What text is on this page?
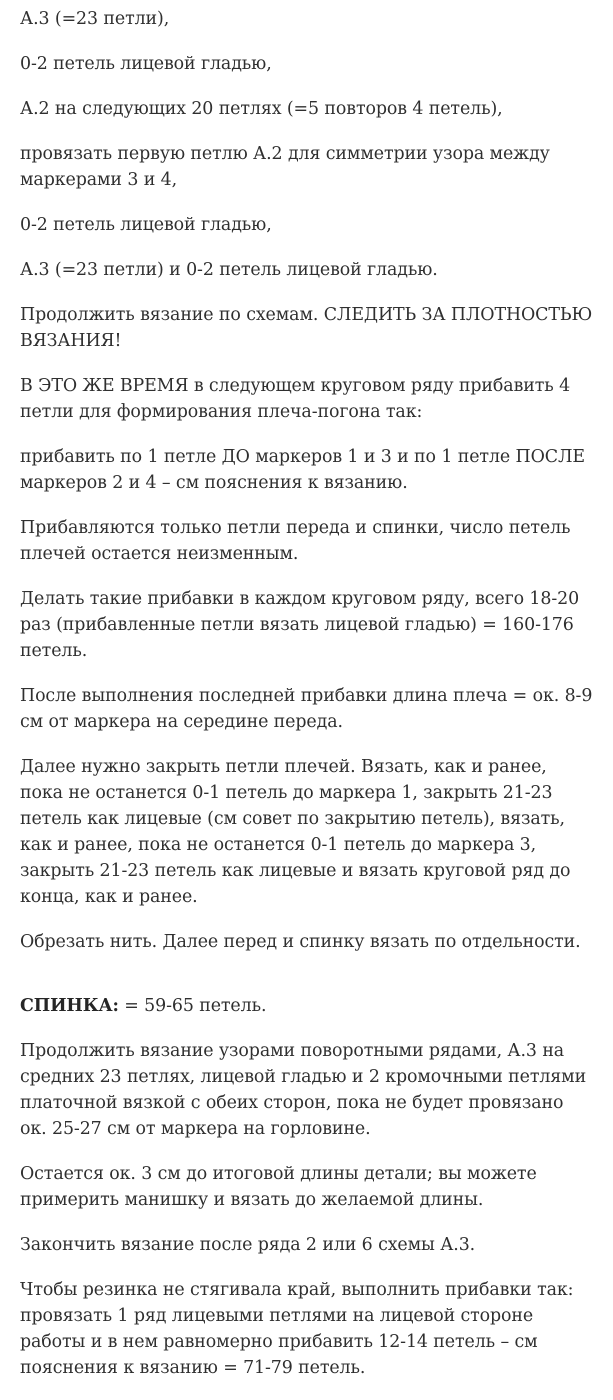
А.3 (=23 петли),

0-2 петель лицевой гладью,

А.2 на следующих 20 петлях (=5 повторов 4 петель),

провязать первую петлю А.2 для симметрии узора между маркерами 3 и 4,

0-2 петель лицевой гладью,

А.3 (=23 петли) и 0-2 петель лицевой гладью.

Продолжить вязание по схемам. СЛЕДИТЬ ЗА ПЛОТНОСТЬЮ ВЯЗАНИЯ!

В ЭТО ЖЕ ВРЕМЯ в следующем круговом ряду прибавить 4 петли для формирования плеча-погона так:

прибавить по 1 петле ДО маркеров 1 и 3 и по 1 петле ПОСЛЕ маркеров 2 и 4 – см пояснения к вязанию.

Прибавляются только петли переда и спинки, число петель плечей остается неизменным.

Делать такие прибавки в каждом круговом ряду, всего 18-20 раз (прибавленные петли вязать лицевой гладью) = 160-176 петель.

После выполнения последней прибавки длина плеча = ок. 8-9 см от маркера на середине переда.

Далее нужно закрыть петли плечей. Вязать, как и ранее, пока не останется 0-1 петель до маркера 1, закрыть 21-23 петель как лицевые (см совет по закрытию петель), вязать, как и ранее, пока не останется 0-1 петель до маркера 3, закрыть 21-23 петель как лицевые и вязать круговой ряд до конца, как и ранее.

Обрезать нить. Далее перед и спинку вязать по отдельности.

СПИНКА: = 59-65 петель.

Продолжить вязание узорами поворотными рядами, А.3 на средних 23 петлях, лицевой гладью и 2 кромочными петлями платочной вязкой с обеих сторон, пока не будет провязано ок. 25-27 см от маркера на горловине.

Остается ок. 3 см до итоговой длины детали; вы можете примерить манишку и вязать до желаемой длины.

Закончить вязание после ряда 2 или 6 схемы А.3.

Чтобы резинка не стягивала край, выполнить прибавки так: провязать 1 ряд лицевыми петлями на лицевой стороне работы и в нем равномерно прибавить 12-14 петель – см пояснения к вязанию = 71-79 петель.
